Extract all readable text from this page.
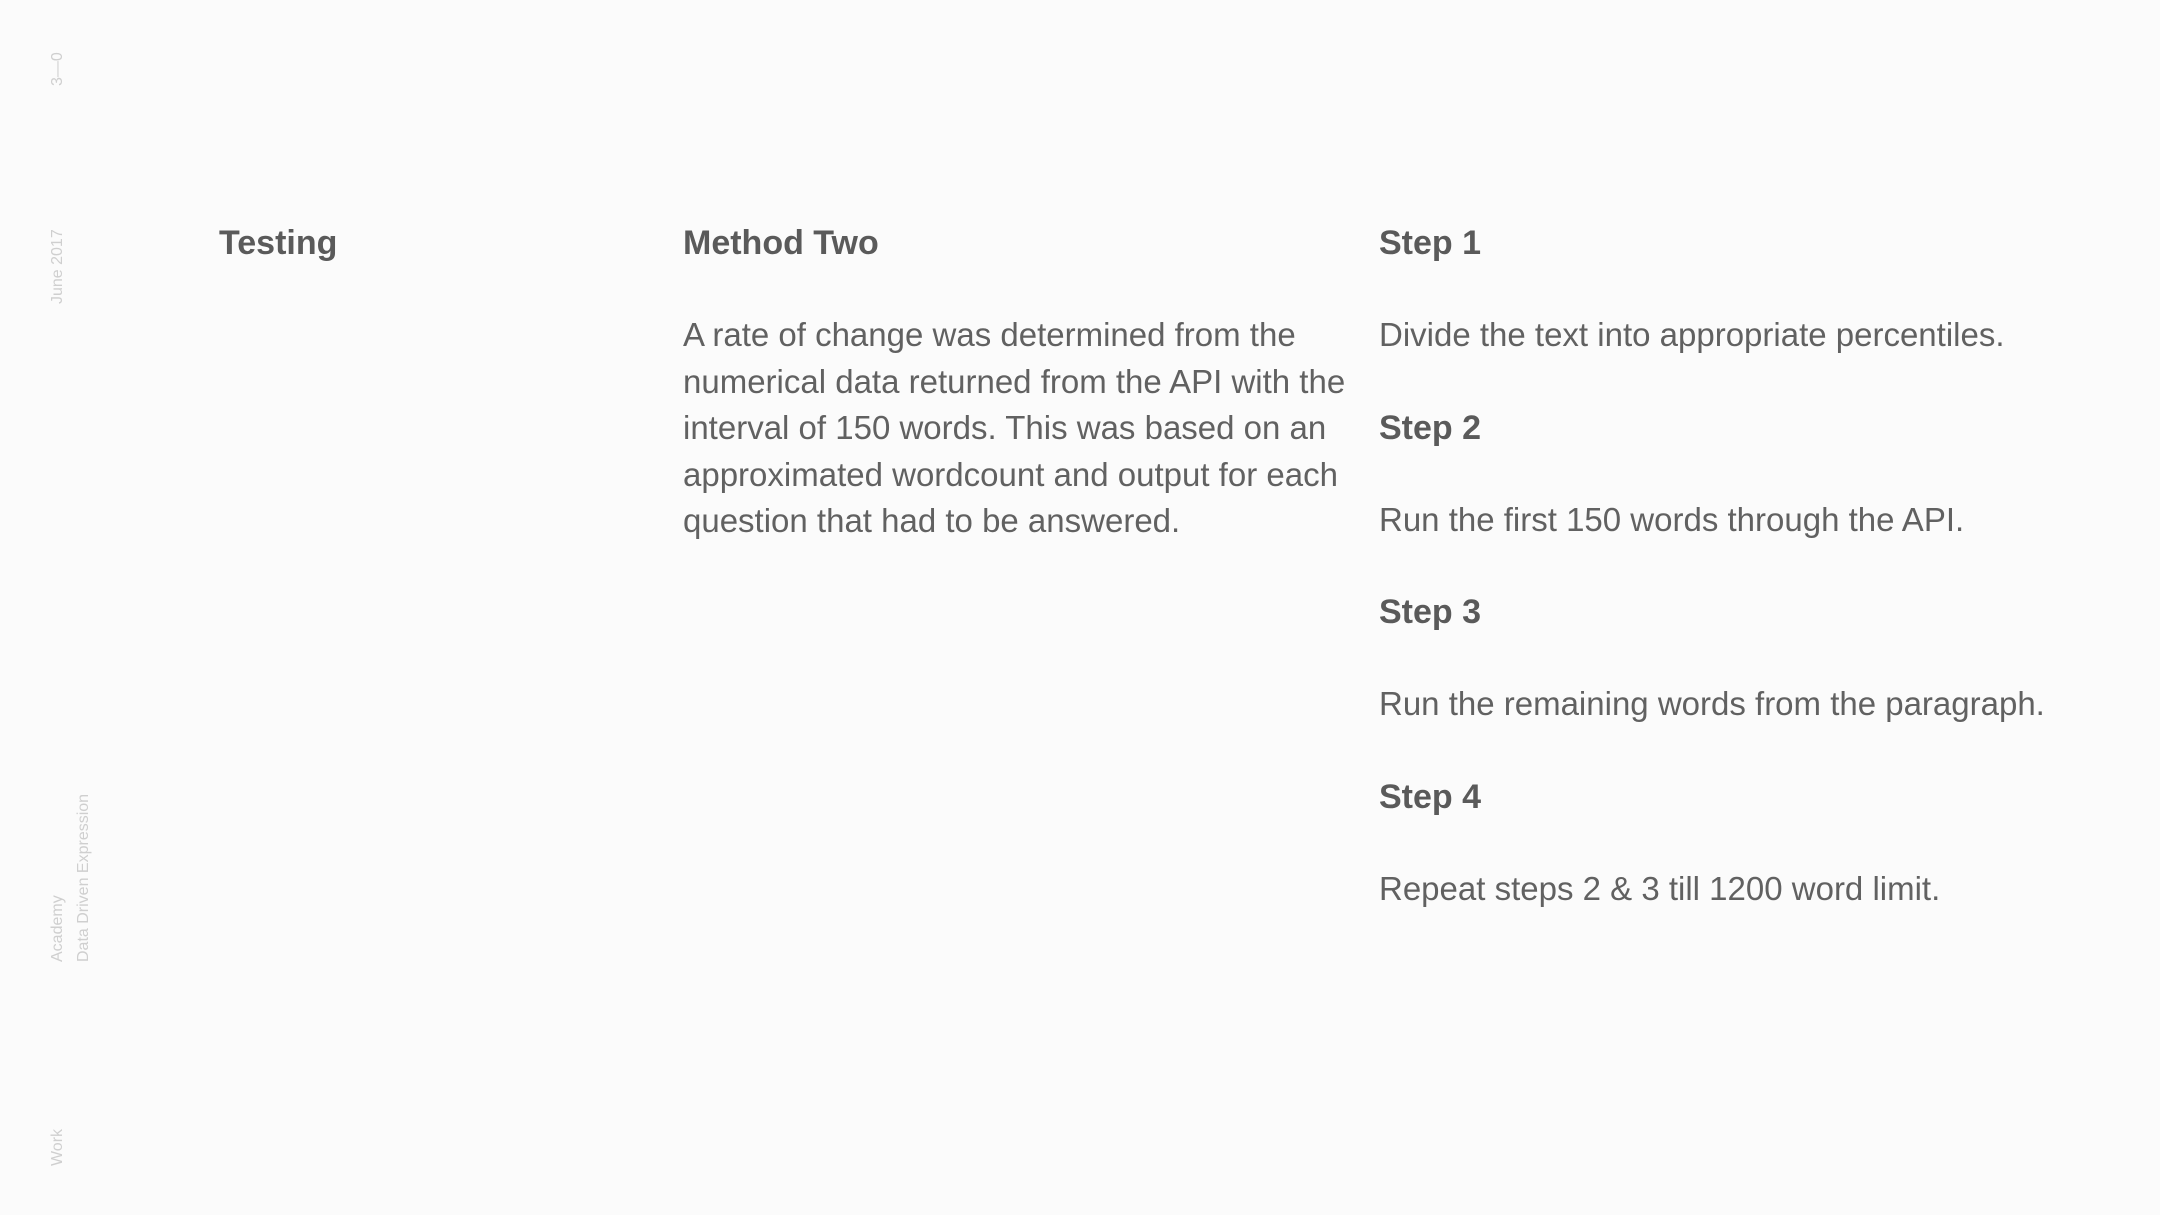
3—0
June 2017
Academy Data Driven Expression
Work
Testing	Method Two

A rate of change was determined from the numerical data returned from the API with the interval of 150 words. This was based on an approximated wordcount and output for each question that had to be answered.

Step 1

Divide the text into appropriate percentiles.

Step 2

Run the first 150 words through the API.

Step 3

Run the remaining words from the paragraph.

Step 4

Repeat steps 2 & 3 till 1200 word limit.
